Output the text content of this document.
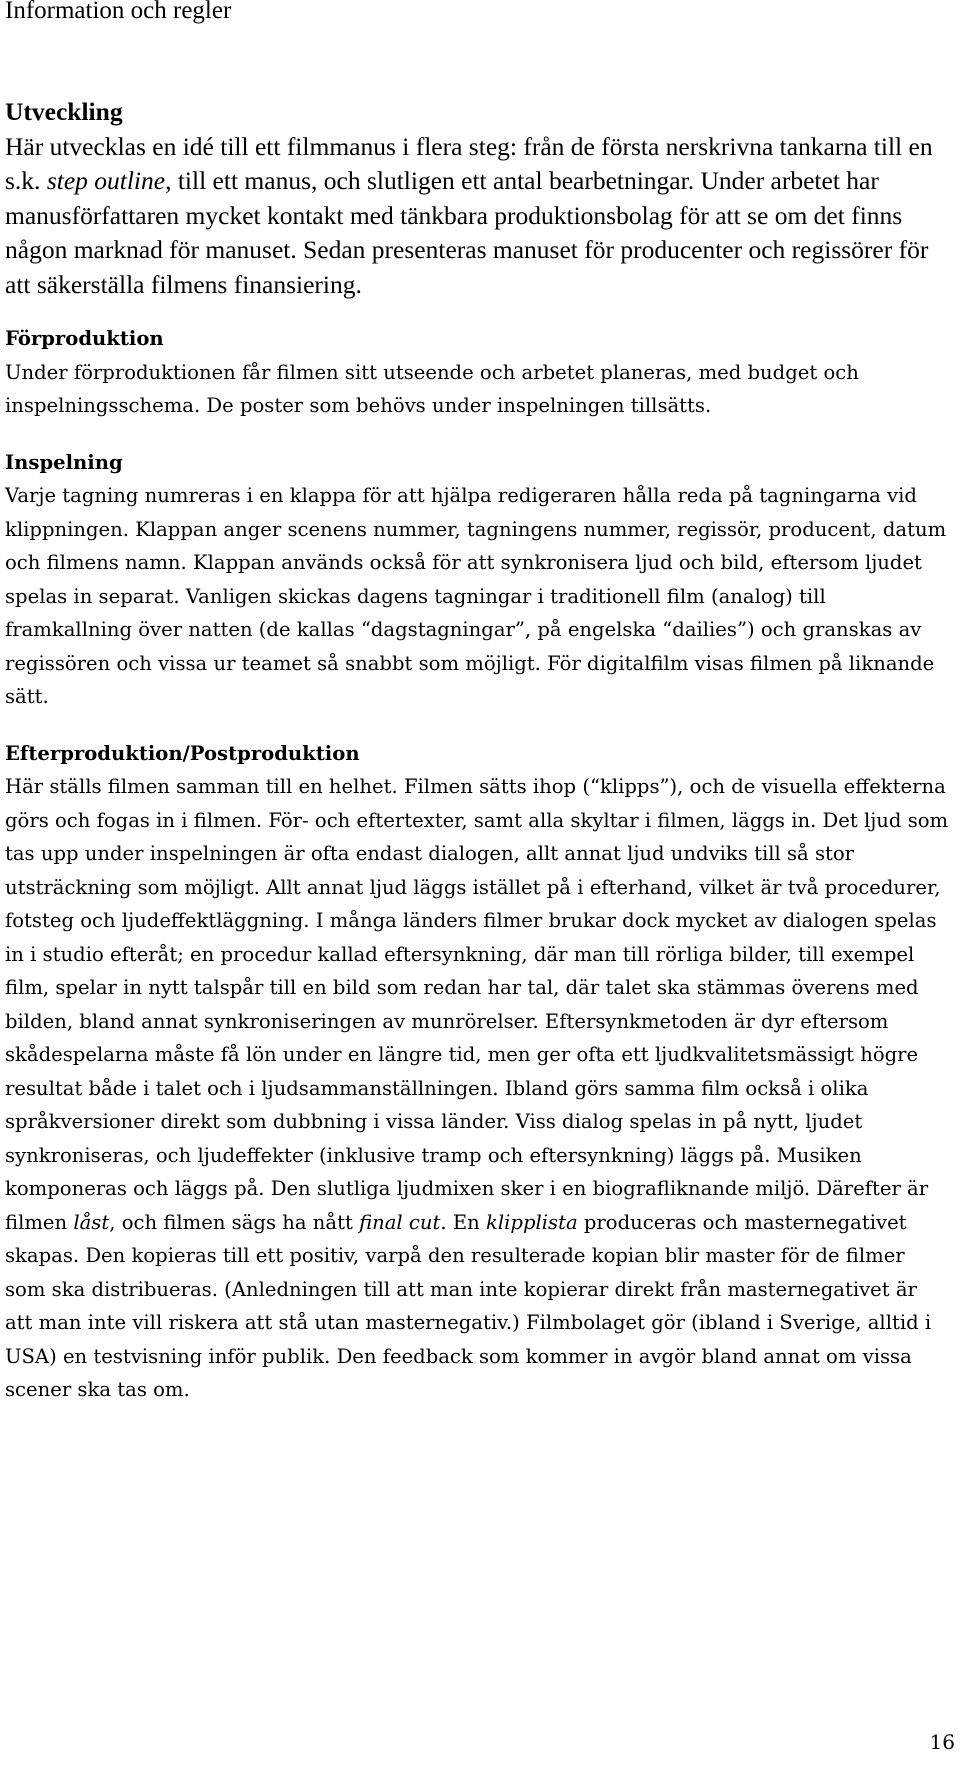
Information och regler
Utveckling

Här utvecklas en idé till ett filmmanus i flera steg: från de första nerskrivna tankarna till en s.k. step outline, till ett manus, och slutligen ett antal bearbetningar. Under arbetet har manusförfattaren mycket kontakt med tänkbara produktionsbolag för att se om det finns någon marknad för manuset. Sedan presenteras manuset för producenter och regissörer för att säkerställa filmens finansiering.

Förproduktion

Under förproduktionen får filmen sitt utseende och arbetet planeras, med budget och inspelningsschema. De poster som behövs under inspelningen tillsätts.

Inspelning

Varje tagning numreras i en klappa för att hjälpa redigeraren hålla reda på tagningarna vid klippningen. Klappan anger scenens nummer, tagningens nummer, regissör, producent, datum och filmens namn. Klappan används också för att synkronisera ljud och bild, eftersom ljudet spelas in separat. Vanligen skickas dagens tagningar i traditionell film (analog) till framkallning över natten (de kallas “dagstagningar”, på engelska “dailies”) och granskas av regissören och vissa ur teamet så snabbt som möjligt. För digitalfilm visas filmen på liknande sätt.

Efterproduktion/Postproduktion

Här ställs filmen samman till en helhet. Filmen sätts ihop (“klipps”), och de visuella effekterna görs och fogas in i filmen. För- och eftertexter, samt alla skyltar i filmen, läggs in. Det ljud som tas upp under inspelningen är ofta endast dialogen, allt annat ljud undviks till så stor utsträckning som möjligt. Allt annat ljud läggs istället på i efterhand, vilket är två procedurer, fotsteg och ljudeffektläggning. I många länders filmer brukar dock mycket av dialogen spelas in i studio efteråt; en procedur kallad eftersynkning, där man till rörliga bilder, till exempel film, spelar in nytt talspår till en bild som redan har tal, där talet ska stämmas överens med bilden, bland annat synkroniseringen av munrörelser. Eftersynkmetoden är dyr eftersom skådespelarna måste få lön under en längre tid, men ger ofta ett ljudkvalitetsmässigt högre resultat både i talet och i ljudsammanställningen. Ibland görs samma film också i olika språkversioner direkt som dubbning i vissa länder. Viss dialog spelas in på nytt, ljudet synkroniseras, och ljudeffekter (inklusive tramp och eftersynkning) läggs på. Musiken komponeras och läggs på. Den slutliga ljudmixen sker i en biografliknande miljö. Därefter är filmen låst, och filmen sägs ha nått final cut. En klipplista produceras och masternegativet skapas. Den kopieras till ett positiv, varpå den resulterade kopian blir master för de filmer som ska distribueras. (Anledningen till att man inte kopierar direkt från masternegativet är att man inte vill riskera att stå utan masternegativ.) Filmbolaget gör (ibland i Sverige, alltid i USA) en testvisning inför publik. Den feedback som kommer in avgör bland annat om vissa scener ska tas om.

16
